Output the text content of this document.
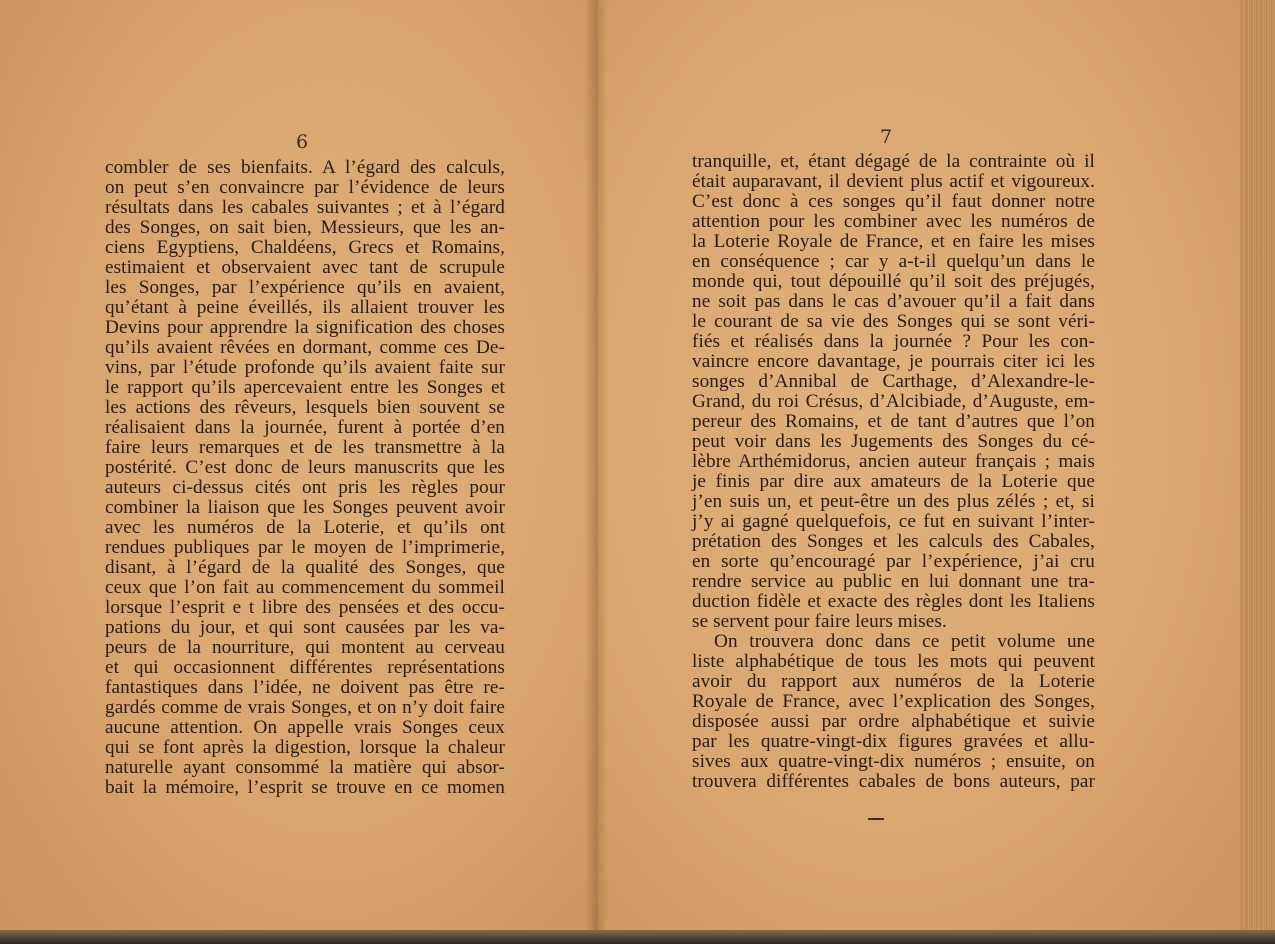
6	7
combler de ses bienfaits. A l’égard des calculs,
on peut s’en convaincre par l’évidence de leurs
résultats dans les cabales suivantes ; et à l’égard
des Songes, on sait bien, Messieurs, que les an-
ciens Egyptiens, Chaldéens, Grecs et Romains,
estimaient et observaient avec tant de scrupule
les Songes, par l’expérience qu’ils en avaient,
qu’étant à peine éveillés, ils allaient trouver les
Devins pour apprendre la signification des choses
qu’ils avaient rêvées en dormant, comme ces De-
vins, par l’étude profonde qu’ils avaient faite sur
le rapport qu’ils apercevaient entre les Songes et
les actions des rêveurs, lesquels bien souvent se
réalisaient dans la journée, furent à portée d’en
faire leurs remarques et de les transmettre à la
postérité. C’est donc de leurs manuscrits que les
auteurs ci-dessus cités ont pris les règles pour
combiner la liaison que les Songes peuvent avoir
avec les numéros de la Loterie, et qu’ils ont
rendues publiques par le moyen de l’imprimerie,
disant, à l’égard de la qualité des Songes, que
ceux que l’on fait au commencement du sommeil
lorsque l’esprit e t libre des pensées et des occu-
pations du jour, et qui sont causées par les va-
peurs de la nourriture, qui montent au cerveau
et qui occasionnent différentes représentations
fantastiques dans l’idée, ne doivent pas être re-
gardés comme de vrais Songes, et on n’y doit faire
aucune attention. On appelle vrais Songes ceux
qui se font après la digestion, lorsque la chaleur
naturelle ayant consommé la matière qui absor-
bait la mémoire, l’esprit se trouve en ce momen
tranquille, et, étant dégagé de la contrainte où il
était auparavant, il devient plus actif et vigoureux.
C’est donc à ces songes qu’il faut donner notre
attention pour les combiner avec les numéros de
la Loterie Royale de France, et en faire les mises
en conséquence ; car y a-t-il quelqu’un dans le
monde qui, tout dépouillé qu’il soit des préjugés,
ne soit pas dans le cas d’avouer qu’il a fait dans
le courant de sa vie des Songes qui se sont véri-
fiés et réalisés dans la journée ? Pour les con-
vaincre encore davantage, je pourrais citer ici les
songes d’Annibal de Carthage, d’Alexandre-le-
Grand, du roi Crésus, d’Alcibiade, d’Auguste, em-
pereur des Romains, et de tant d’autres que l’on
peut voir dans les Jugements des Songes du cé-
lèbre Arthémidorus, ancien auteur français ; mais
je finis par dire aux amateurs de la Loterie que
j’en suis un, et peut-être un des plus zélés ; et, si
j’y ai gagné quelquefois, ce fut en suivant l’inter-
prétation des Songes et les calculs des Cabales,
en sorte qu’encouragé par l’expérience, j’ai cru
rendre service au public en lui donnant une tra-
duction fidèle et exacte des règles dont les Italiens
se servent pour faire leurs mises.
On trouvera donc dans ce petit volume une
liste alphabétique de tous les mots qui peuvent
avoir du rapport aux numéros de la Loterie
Royale de France, avec l’explication des Songes,
disposée aussi par ordre alphabétique et suivie
par les quatre-vingt-dix figures gravées et allu-
sives aux quatre-vingt-dix numéros ; ensuite, on
trouvera différentes cabales de bons auteurs, par
